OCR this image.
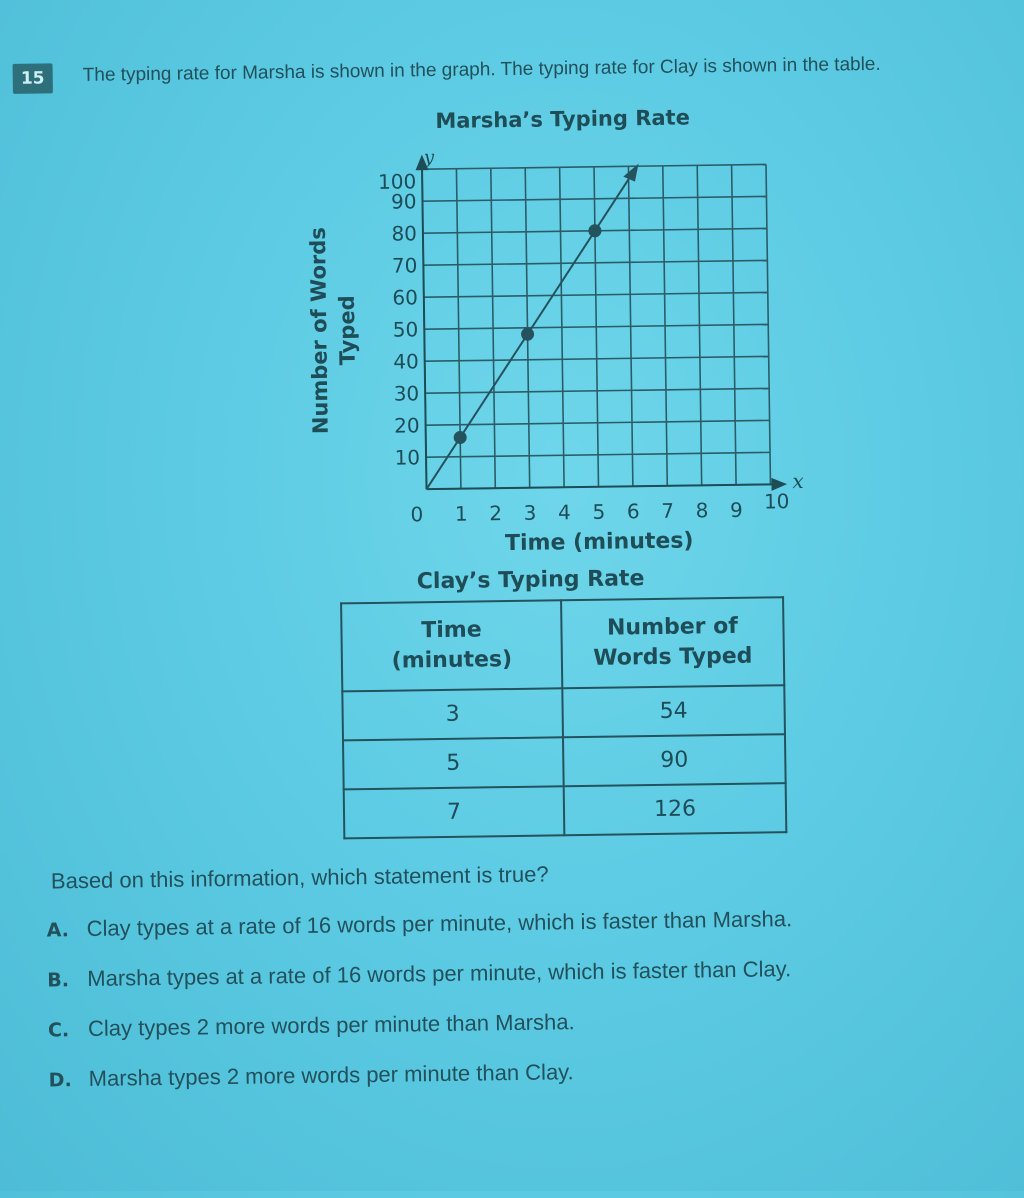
15	The typing rate for Marsha is shown in the graph. The typing rate for Clay is shown in the table.
Marsha’s Typing Rate
10
20
30
40
50
60
70
80
90
100
0 1 2 3 4 5 6 7 8 9 10
y
x
Time (minutes)
Number of Words Typed
Clay’s Typing Rate
Time
(minutes)

Number of
Words Typed

3	54
5	90
7	126
Based on this information, which statement is true?
A. Clay types at a rate of 16 words per minute, which is faster than Marsha.
B. Marsha types at a rate of 16 words per minute, which is faster than Clay.
C. Clay types 2 more words per minute than Marsha.
D. Marsha types 2 more words per minute than Clay.
